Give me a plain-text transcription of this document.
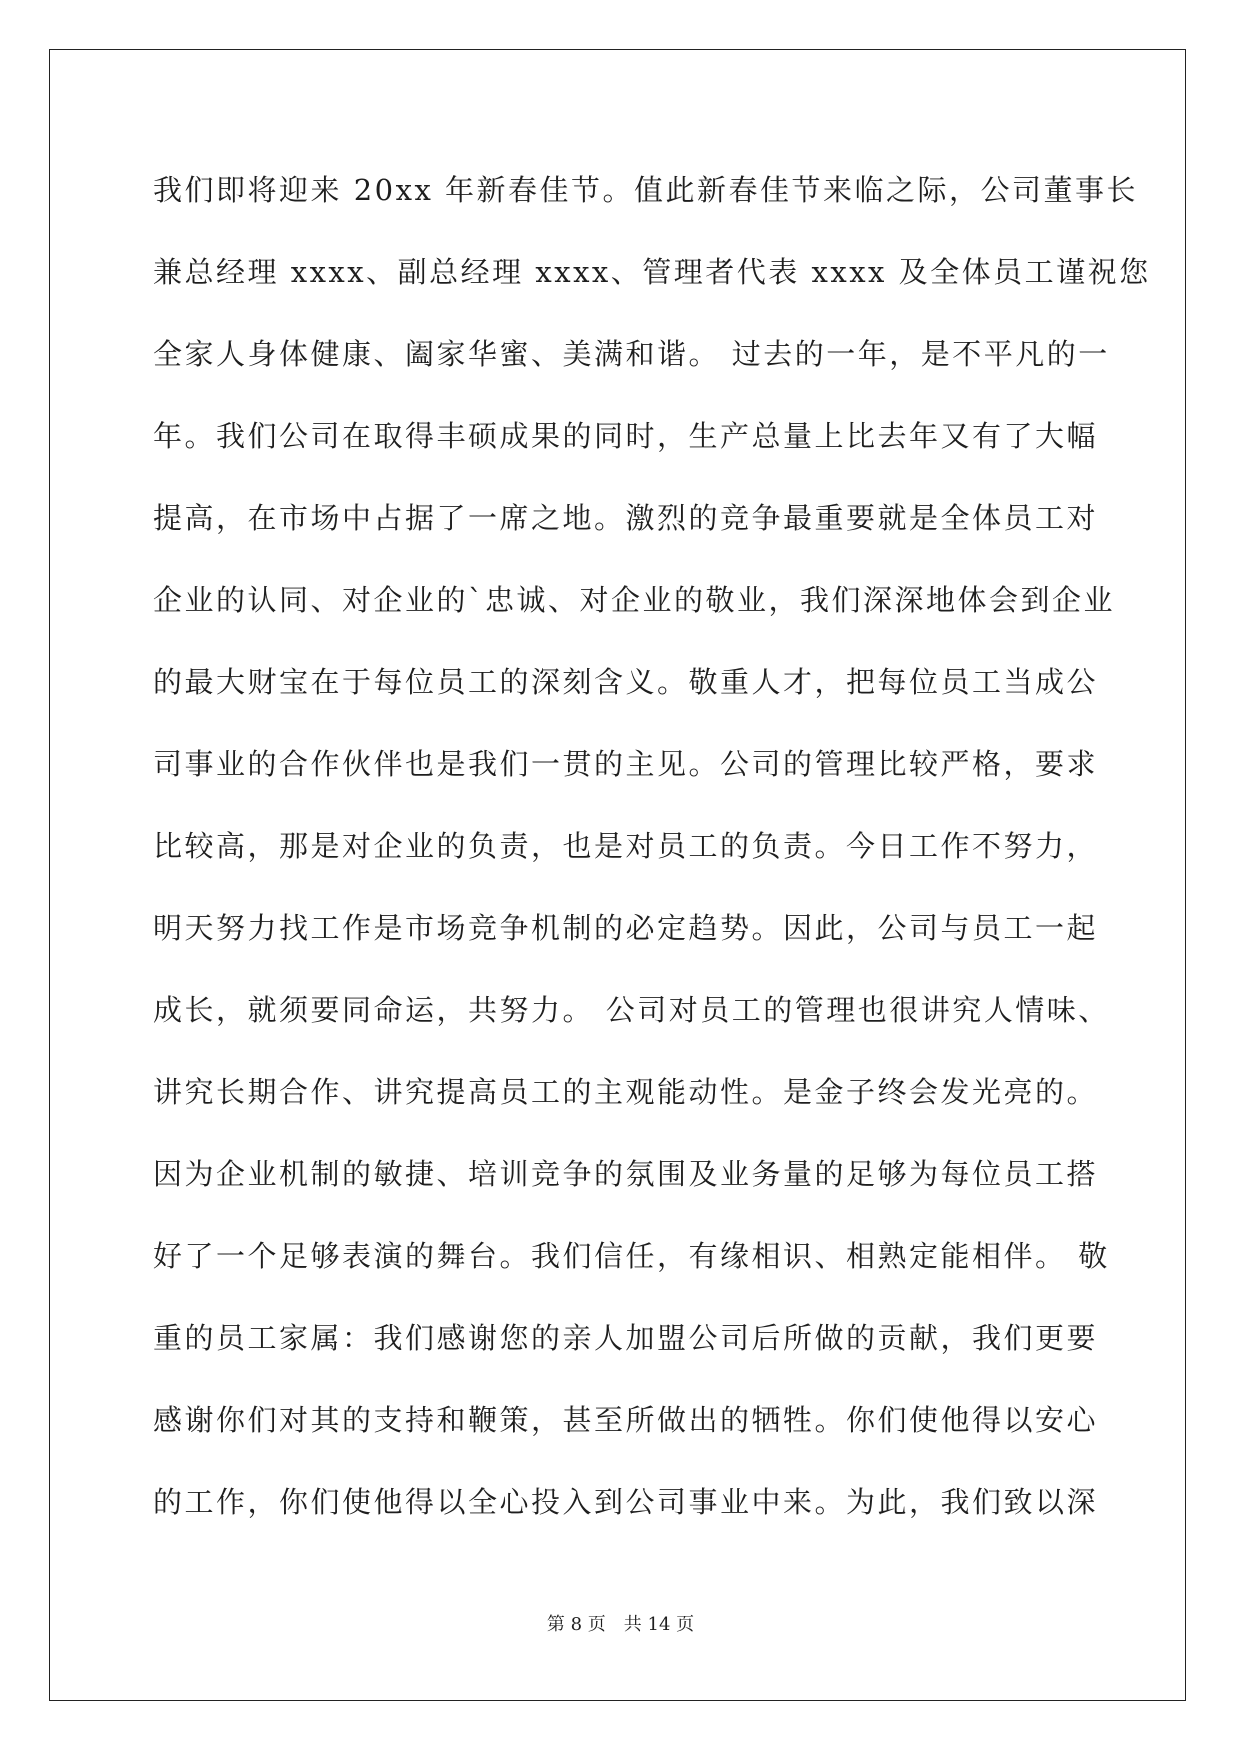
我们即将迎来 20xx 年新春佳节。值此新春佳节来临之际，公司董事长
兼总经理 xxxx、副总经理 xxxx、管理者代表 xxxx 及全体员工谨祝您
全家人身体健康、阖家华蜜、美满和谐。 过去的一年，是不平凡的一
年。我们公司在取得丰硕成果的同时，生产总量上比去年又有了大幅
提高，在市场中占据了一席之地。激烈的竞争最重要就是全体员工对
企业的认同、对企业的`忠诚、对企业的敬业，我们深深地体会到企业
的最大财宝在于每位员工的深刻含义。敬重人才，把每位员工当成公
司事业的合作伙伴也是我们一贯的主见。公司的管理比较严格，要求
比较高，那是对企业的负责，也是对员工的负责。今日工作不努力，
明天努力找工作是市场竞争机制的必定趋势。因此，公司与员工一起
成长，就须要同命运，共努力。 公司对员工的管理也很讲究人情味、
讲究长期合作、讲究提高员工的主观能动性。是金子终会发光亮的。
因为企业机制的敏捷、培训竞争的氛围及业务量的足够为每位员工搭
好了一个足够表演的舞台。我们信任，有缘相识、相熟定能相伴。 敬
重的员工家属：我们感谢您的亲人加盟公司后所做的贡献，我们更要
感谢你们对其的支持和鞭策，甚至所做出的牺牲。你们使他得以安心
的工作，你们使他得以全心投入到公司事业中来。为此，我们致以深
第 8 页 共 14 页
